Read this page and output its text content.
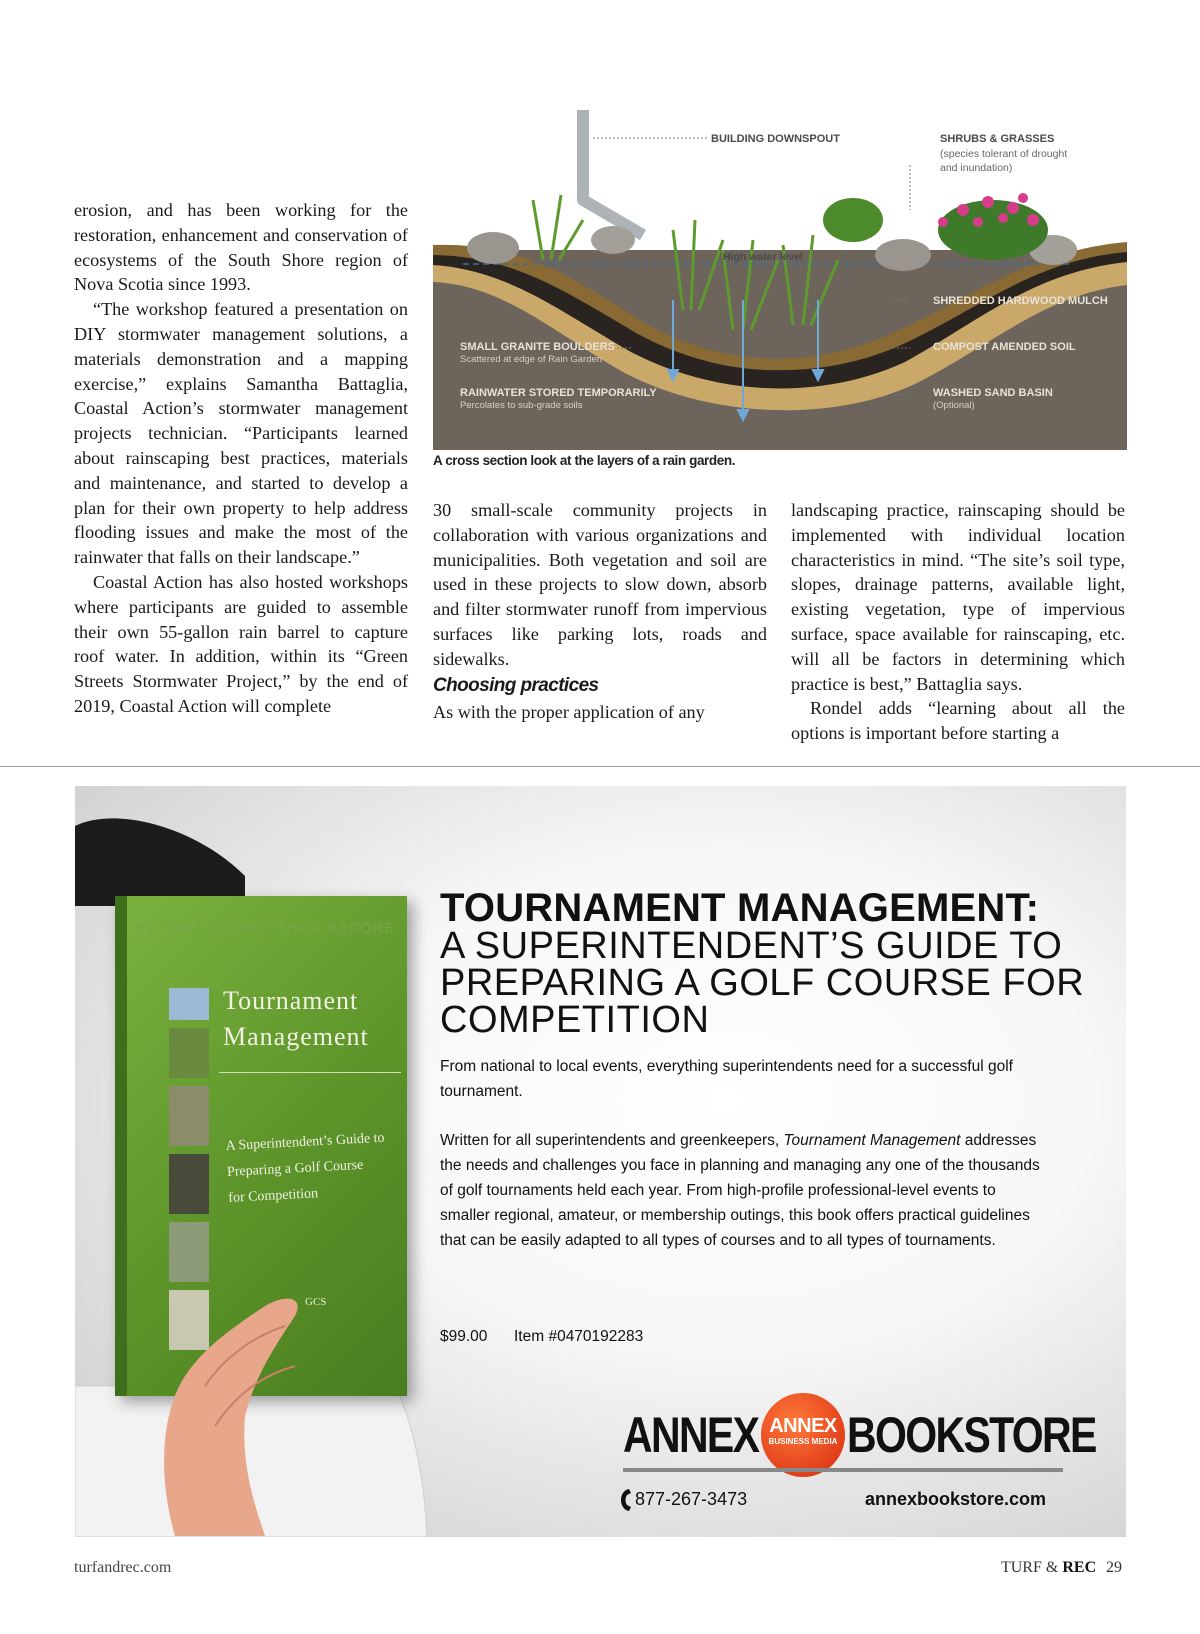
erosion, and has been working for the restoration, enhancement and conservation of ecosystems of the South Shore region of Nova Scotia since 1993.

“The workshop featured a presentation on DIY stormwater management solutions, a materials demonstration and a mapping exercise,” explains Samantha Battaglia, Coastal Action’s stormwater management projects technician. “Participants learned about rainscaping best practices, materials and maintenance, and started to develop a plan for their own property to help address flooding issues and make the most of the rainwater that falls on their landscape.”

Coastal Action has also hosted workshops where participants are guided to assemble their own 55-gallon rain barrel to capture roof water. In addition, within its “Green Streets Stormwater Project,” by the end of 2019, Coastal Action will complete

BUILDING DOWNSPOUT	SHRUBS & GRASSES
(species tolerant of drought
and inundation)
High water level
SHREDDED HARDWOOD MULCH
SMALL GRANITE BOULDERS
Scattered at edge of Rain Garden
COMPOST AMENDED SOIL
RAINWATER STORED TEMPORARILY
Percolates to sub-grade soils
WASHED SAND BASIN
(Optional)
A cross section look at the layers of a rain garden.

30 small-scale community projects in collaboration with various organizations and municipalities. Both vegetation and soil are used in these projects to slow down, absorb and filter stormwater runoff from impervious surfaces like parking lots, roads and sidewalks.

Choosing practices

As with the proper application of any

landscaping practice, rainscaping should be implemented with individual location characteristics in mind. “The site’s soil type, slopes, drainage patterns, available light, existing vegetation, type of impervious surface, space available for rainscaping, etc. will all be factors in determining which practice is best,” Battaglia says.

Rondel adds “learning about all the options is important before starting a

REPORT TO PRO SHOP BEFORE
Tournament
Management
A Superintendent’s Guide to
Preparing a Golf Course
for Competition
GCS
TOURNAMENT MANAGEMENT:
A SUPERINTENDENT’S GUIDE TO PREPARING A GOLF COURSE FOR COMPETITION
From national to local events, everything superintendents need for a successful golf tournament.
Written for all superintendents and greenkeepers, Tournament Management addresses the needs and challenges you face in planning and managing any one of the thousands of golf tournaments held each year. From high-profile professional-level events to smaller regional, amateur, or membership outings, this book offers practical guidelines that can be easily adapted to all types of courses and to all types of tournaments.
$99.00 Item #0470192283
ANNEX ANNEX
BUSINESS MEDIA BOOKSTORE
877-267-3473	annexbookstore.com
turfandrec.com	TURF & REC 29
